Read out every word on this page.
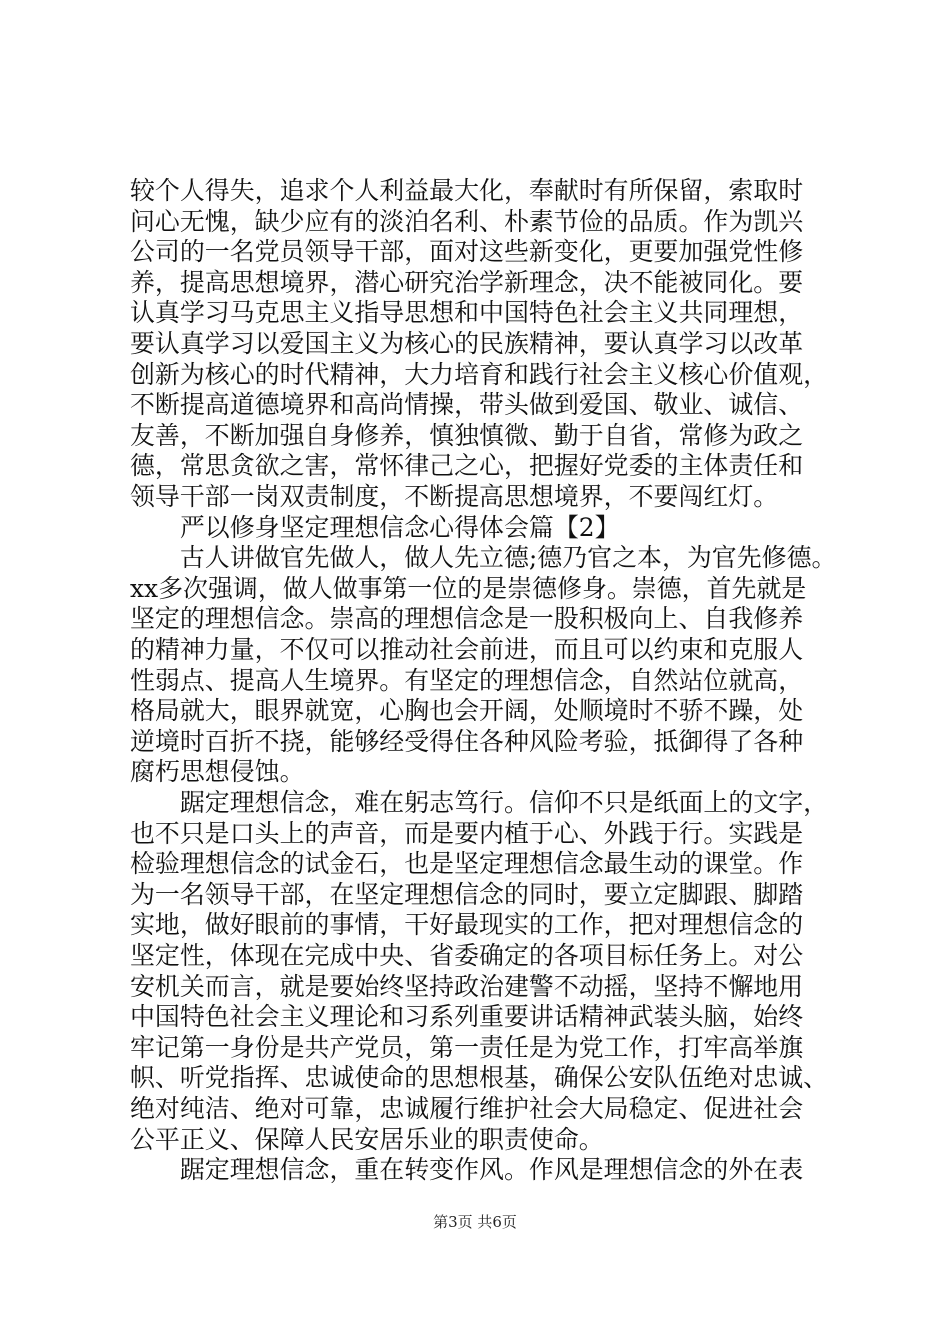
较个人得失，追求个人利益最大化，奉献时有所保留，索取时
问心无愧，缺少应有的淡泊名利、朴素节俭的品质。作为凯兴
公司的一名党员领导干部，面对这些新变化，更要加强党性修
养，提高思想境界，潜心研究治学新理念，决不能被同化。要
认真学习马克思主义指导思想和中国特色社会主义共同理想，
要认真学习以爱国主义为核心的民族精神，要认真学习以改革
创新为核心的时代精神，大力培育和践行社会主义核心价值观，
不断提高道德境界和高尚情操，带头做到爱国、敬业、诚信、
友善，不断加强自身修养，慎独慎微、勤于自省，常修为政之
德，常思贪欲之害，常怀律己之心，把握好党委的主体责任和
领导干部一岗双责制度，不断提高思想境界，不要闯红灯。
　　严以修身坚定理想信念心得体会篇【2】
　　古人讲做官先做人，做人先立德;德乃官之本，为官先修德。
xx多次强调，做人做事第一位的是崇德修身。崇德，首先就是
坚定的理想信念。崇高的理想信念是一股积极向上、自我修养
的精神力量，不仅可以推动社会前进，而且可以约束和克服人
性弱点、提高人生境界。有坚定的理想信念，自然站位就高，
格局就大，眼界就宽，心胸也会开阔，处顺境时不骄不躁，处
逆境时百折不挠，能够经受得住各种风险考验，抵御得了各种
腐朽思想侵蚀。
　　踞定理想信念，难在躬志笃行。信仰不只是纸面上的文字，
也不只是口头上的声音，而是要内植于心、外践于行。实践是
检验理想信念的试金石，也是坚定理想信念最生动的课堂。作
为一名领导干部，在坚定理想信念的同时，要立定脚跟、脚踏
实地，做好眼前的事情，干好最现实的工作，把对理想信念的
坚定性，体现在完成中央、省委确定的各项目标任务上。对公
安机关而言，就是要始终坚持政治建警不动摇，坚持不懈地用
中国特色社会主义理论和习系列重要讲话精神武装头脑，始终
牢记第一身份是共产党员，第一责任是为党工作，打牢高举旗
帜、听党指挥、忠诚使命的思想根基，确保公安队伍绝对忠诚、
绝对纯洁、绝对可靠，忠诚履行维护社会大局稳定、促进社会
公平正义、保障人民安居乐业的职责使命。
　　踞定理想信念，重在转变作风。作风是理想信念的外在表
第3页 共6页
